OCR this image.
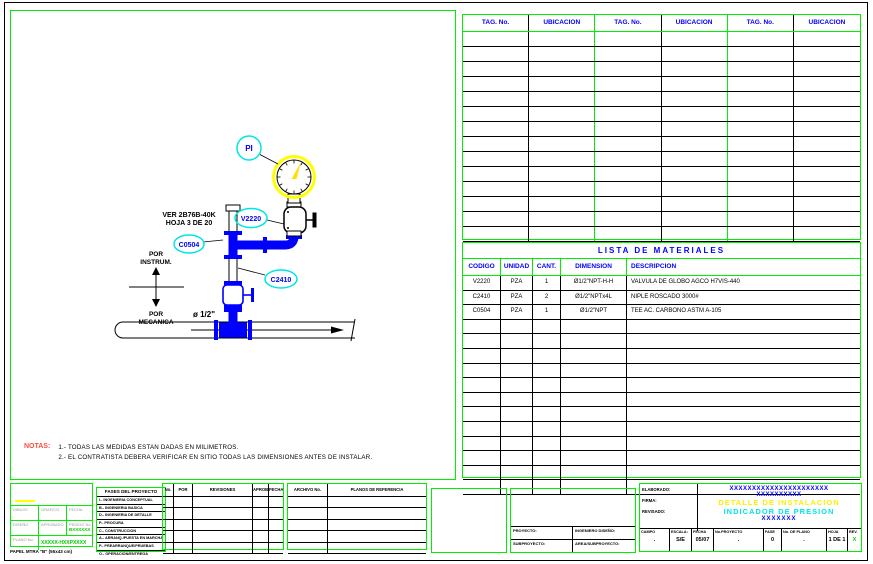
PI
V2220
C0504
C2410
VER 2B76B-40K
HOJA 3 DE 20
POR
INSTRUM.
POR
MECANICA
ø 1/2"
NOTAS: 1.- TODAS LAS MEDIDAS ESTAN DADAS EN MILIMETROS.
2.- EL CONTRATISTA DEBERA VERIFICAR EN SITIO TODAS LAS DIMENSIONES ANTES DE INSTALAR.
TAG. No.	UBICACION	TAG. No.	UBICACION	TAG. No.	UBICACION

LISTA DE MATERIALES
CODIGO	UNIDAD	CANT.	DIMENSION	DESCRIPCION
V2220	PZA	1	Ø1/2"NPT-H-H	VALVULA DE GLOBO AGCO H7VIS-440
C2410	PZA	2	Ø1/2"NPTx4L	NIPLE ROSCADO 3000#
C0504	PZA	1	Ø1/2"NPT	TEE AC. CARBONO ASTM A-105

DIBUJO	GRAFICO	FECHA
DISEÑO	APROBADO	PEDIDO No.
BXXXXXX
PLANO No.
XXXXX-HXXPXXXX
PAPEL MTRA "B" (55x43 cm)
FASES DEL PROYECTO
I.- INGENIERIA CONCEPTUAL
B.- INGENIERIA BASICA
D.- INGENIERIA DE DETALLE
P.- PROCURA
C.- CONSTRUCCION
A.- ARRANQ./PUESTA EN MARCHA
P.- PREARRANQUE/PRUEBAS
O.- OPERACION/ENTREGA
No.	POR	REVISIONES	APROB FECHA

	ARCHIVO No.	PLANOS DE REFERENCIA

PROYECTO:	INGENIERO DISEÑO:
SUBPROYECTO:	AREA/SUBPROYECTO:
ELABORADO:
FIRMA:
REVISADO:
XXXXXXXXXXXXXXXXXXXXXX
XXXXXXXXXX
DETALLE DE INSTALACION
INDICADOR DE PRESION
XXXXXXX
CAMPO
.
ESCALA:
S/E
FECHA
05/07
No.PROYECTO
.
FASE
0
No. DE PLANO
.
HOJA
1 DE 1
REV.
X
